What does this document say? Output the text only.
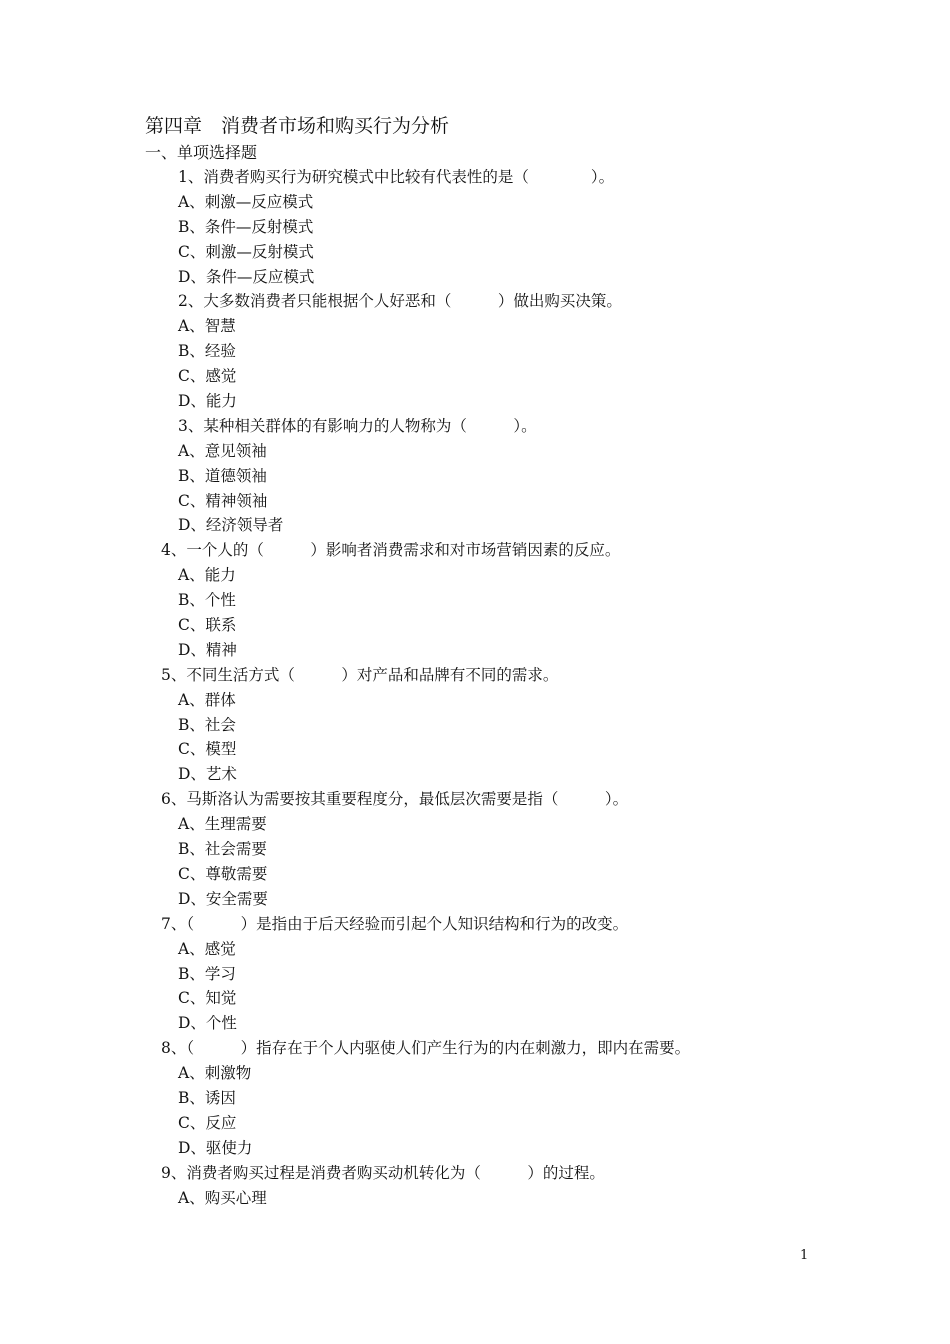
第四章　消费者市场和购买行为分析
一、单项选择题
1、消费者购买行为研究模式中比较有代表性的是（　　　　）。
A、刺激—反应模式
B、条件—反射模式
C、刺激—反射模式
D、条件—反应模式
2、大多数消费者只能根据个人好恶和（　　　）做出购买决策。
A、智慧
B、经验
C、感觉
D、能力
3、某种相关群体的有影响力的人物称为（　　　）。
A、意见领袖
B、道德领袖
C、精神领袖
D、经济领导者
4、一个人的（　　　）影响者消费需求和对市场营销因素的反应。
A、能力
B、个性
C、联系
D、精神
5、不同生活方式（　　　）对产品和品牌有不同的需求。
A、群体
B、社会
C、模型
D、艺术
6、马斯洛认为需要按其重要程度分，最低层次需要是指（　　　）。
A、生理需要
B、社会需要
C、尊敬需要
D、安全需要
7、（　　　）是指由于后天经验而引起个人知识结构和行为的改变。
A、感觉
B、学习
C、知觉
D、个性
8、（　　　）指存在于个人内驱使人们产生行为的内在刺激力，即内在需要。
A、刺激物
B、诱因
C、反应
D、驱使力
9、消费者购买过程是消费者购买动机转化为（　　　）的过程。
A、购买心理
1
